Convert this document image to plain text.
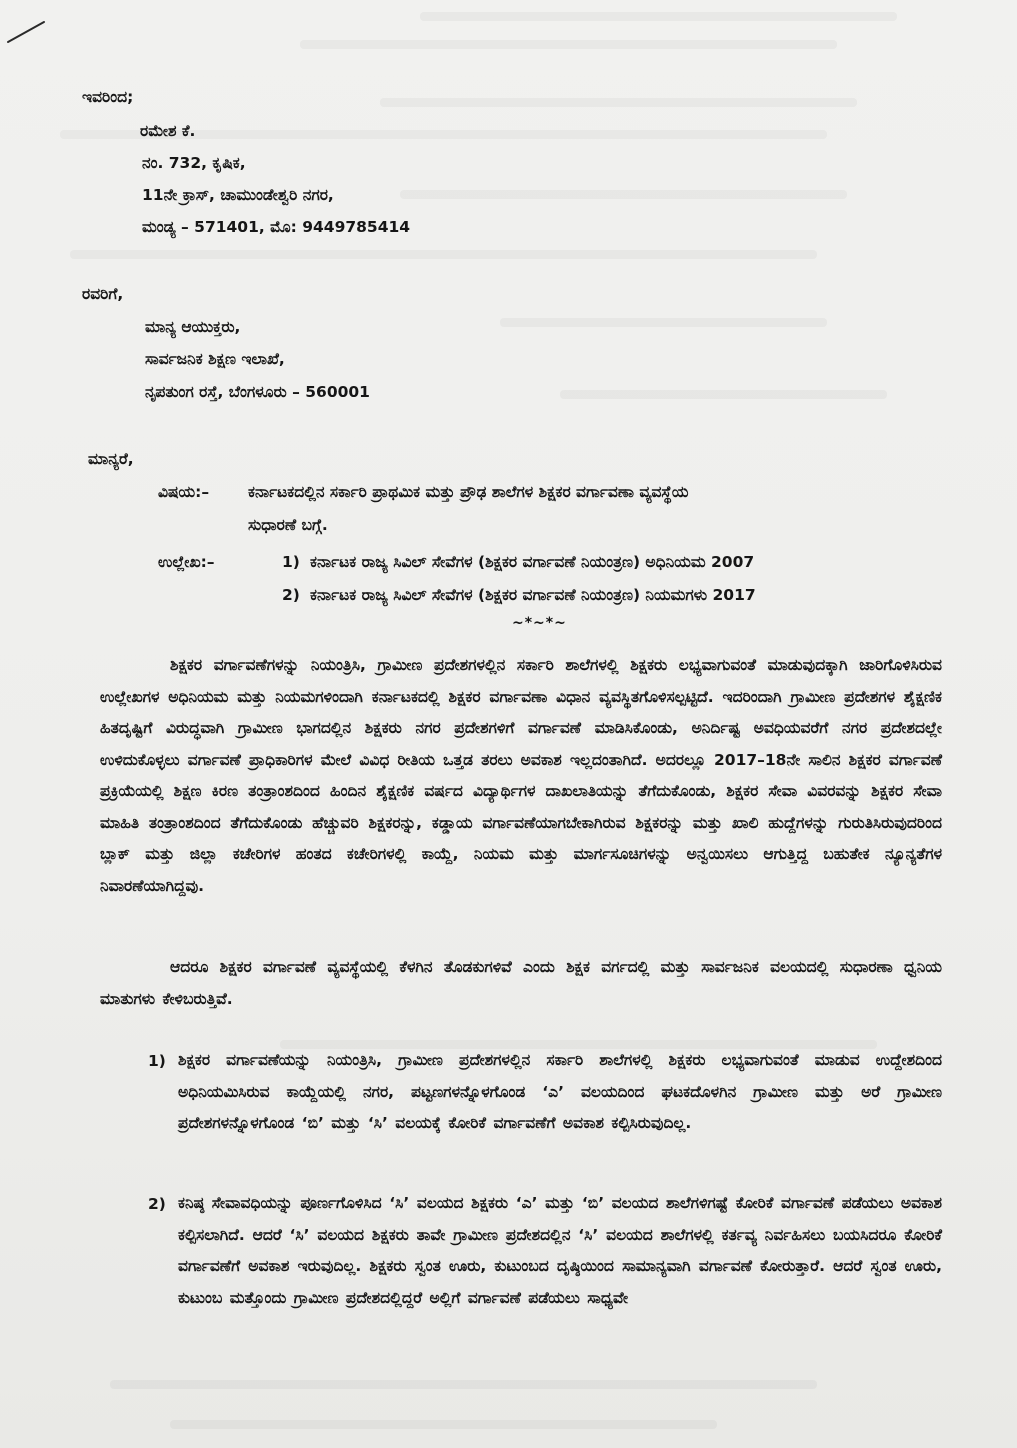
ಇವರಿಂದ;
ರಮೇಶ ಕೆ.
ನಂ. 732, ಕೃಷಿಕ,
11ನೇ ಕ್ರಾಸ್, ಚಾಮುಂಡೇಶ್ವರಿ ನಗರ,
ಮಂಡ್ಯ – 571401, ಮೊ: 9449785414
ರವರಿಗೆ,
ಮಾನ್ಯ ಆಯುಕ್ತರು,
ಸಾರ್ವಜನಿಕ ಶಿಕ್ಷಣ ಇಲಾಖೆ,
ನೃಪತುಂಗ ರಸ್ತೆ, ಬೆಂಗಳೂರು – 560001
ಮಾನ್ಯರೆ,
ವಿಷಯ:–	ಕರ್ನಾಟಕದಲ್ಲಿನ ಸರ್ಕಾರಿ ಪ್ರಾಥಮಿಕ ಮತ್ತು ಪ್ರೌಢ ಶಾಲೆಗಳ ಶಿಕ್ಷಕರ ವರ್ಗಾವಣಾ ವ್ಯವಸ್ಥೆಯ
ಸುಧಾರಣೆ ಬಗ್ಗೆ.
ಉಲ್ಲೇಖ:–	1) ಕರ್ನಾಟಕ ರಾಜ್ಯ ಸಿವಿಲ್ ಸೇವೆಗಳ (ಶಿಕ್ಷಕರ ವರ್ಗಾವಣೆ ನಿಯಂತ್ರಣ) ಅಧಿನಿಯಮ 2007
2) ಕರ್ನಾಟಕ ರಾಜ್ಯ ಸಿವಿಲ್ ಸೇವೆಗಳ (ಶಿಕ್ಷಕರ ವರ್ಗಾವಣೆ ನಿಯಂತ್ರಣ) ನಿಯಮಗಳು 2017
~*~*~
ಶಿಕ್ಷಕರ ವರ್ಗಾವಣೆಗಳನ್ನು ನಿಯಂತ್ರಿಸಿ, ಗ್ರಾಮೀಣ ಪ್ರದೇಶಗಳಲ್ಲಿನ ಸರ್ಕಾರಿ ಶಾಲೆಗಳಲ್ಲಿ ಶಿಕ್ಷಕರು ಲಭ್ಯವಾಗುವಂತೆ ಮಾಡುವುದಕ್ಕಾಗಿ ಜಾರಿಗೊಳಿಸಿರುವ ಉಲ್ಲೇಖಗಳ ಅಧಿನಿಯಮ ಮತ್ತು ನಿಯಮಗಳಿಂದಾಗಿ ಕರ್ನಾಟಕದಲ್ಲಿ ಶಿಕ್ಷಕರ ವರ್ಗಾವಣಾ ವಿಧಾನ ವ್ಯವಸ್ಥಿತಗೊಳಿಸಲ್ಪಟ್ಟಿದೆ. ಇದರಿಂದಾಗಿ ಗ್ರಾಮೀಣ ಪ್ರದೇಶಗಳ ಶೈಕ್ಷಣಿಕ ಹಿತದೃಷ್ಟಿಗೆ ವಿರುದ್ಧವಾಗಿ ಗ್ರಾಮೀಣ ಭಾಗದಲ್ಲಿನ ಶಿಕ್ಷಕರು ನಗರ ಪ್ರದೇಶಗಳಿಗೆ ವರ್ಗಾವಣೆ ಮಾಡಿಸಿಕೊಂಡು, ಅನಿರ್ದಿಷ್ಟ ಅವಧಿಯವರೆಗೆ ನಗರ ಪ್ರದೇಶದಲ್ಲೇ ಉಳಿದುಕೊಳ್ಳಲು ವರ್ಗಾವಣೆ ಪ್ರಾಧಿಕಾರಿಗಳ ಮೇಲೆ ವಿವಿಧ ರೀತಿಯ ಒತ್ತಡ ತರಲು ಅವಕಾಶ ಇಲ್ಲದಂತಾಗಿದೆ. ಅದರಲ್ಲೂ 2017–18ನೇ ಸಾಲಿನ ಶಿಕ್ಷಕರ ವರ್ಗಾವಣೆ ಪ್ರಕ್ರಿಯೆಯಲ್ಲಿ ಶಿಕ್ಷಣ ಕಿರಣ ತಂತ್ರಾಂಶದಿಂದ ಹಿಂದಿನ ಶೈಕ್ಷಣಿಕ ವರ್ಷದ ವಿದ್ಯಾರ್ಥಿಗಳ ದಾಖಲಾತಿಯನ್ನು ತೆಗೆದುಕೊಂಡು, ಶಿಕ್ಷಕರ ಸೇವಾ ವಿವರವನ್ನು ಶಿಕ್ಷಕರ ಸೇವಾ ಮಾಹಿತಿ ತಂತ್ರಾಂಶದಿಂದ ತೆಗೆದುಕೊಂಡು ಹೆಚ್ಚುವರಿ ಶಿಕ್ಷಕರನ್ನು, ಕಡ್ಡಾಯ ವರ್ಗಾವಣೆಯಾಗಬೇಕಾಗಿರುವ ಶಿಕ್ಷಕರನ್ನು ಮತ್ತು ಖಾಲಿ ಹುದ್ದೆಗಳನ್ನು ಗುರುತಿಸಿರುವುದರಿಂದ ಬ್ಲಾಕ್ ಮತ್ತು ಜಿಲ್ಲಾ ಕಚೇರಿಗಳ ಹಂತದ ಕಚೇರಿಗಳಲ್ಲಿ ಕಾಯ್ದೆ, ನಿಯಮ ಮತ್ತು ಮಾರ್ಗಸೂಚಿಗಳನ್ನು ಅನ್ವಯಿಸಲು ಆಗುತ್ತಿದ್ದ ಬಹುತೇಕ ನ್ಯೂನ್ಯತೆಗಳ ನಿವಾರಣೆಯಾಗಿದ್ದವು.
ಆದರೂ ಶಿಕ್ಷಕರ ವರ್ಗಾವಣೆ ವ್ಯವಸ್ಥೆಯಲ್ಲಿ ಕೆಳಗಿನ ತೊಡಕುಗಳಿವೆ ಎಂದು ಶಿಕ್ಷಕ ವರ್ಗದಲ್ಲಿ ಮತ್ತು ಸಾರ್ವಜನಿಕ ವಲಯದಲ್ಲಿ ಸುಧಾರಣಾ ಧ್ವನಿಯ ಮಾತುಗಳು ಕೇಳಿಬರುತ್ತಿವೆ.
1) ಶಿಕ್ಷಕರ ವರ್ಗಾವಣೆಯನ್ನು ನಿಯಂತ್ರಿಸಿ, ಗ್ರಾಮೀಣ ಪ್ರದೇಶಗಳಲ್ಲಿನ ಸರ್ಕಾರಿ ಶಾಲೆಗಳಲ್ಲಿ ಶಿಕ್ಷಕರು ಲಭ್ಯವಾಗುವಂತೆ ಮಾಡುವ ಉದ್ದೇಶದಿಂದ ಅಧಿನಿಯಮಿಸಿರುವ ಕಾಯ್ದೆಯಲ್ಲಿ ನಗರ, ಪಟ್ಟಣಗಳನ್ನೊಳಗೊಂಡ ‘ಎ’ ವಲಯದಿಂದ ಘಟಕದೊಳಗಿನ ಗ್ರಾಮೀಣ ಮತ್ತು ಅರೆ ಗ್ರಾಮೀಣ ಪ್ರದೇಶಗಳನ್ನೊಳಗೊಂಡ ‘ಬಿ’ ಮತ್ತು ‘ಸಿ’ ವಲಯಕ್ಕೆ ಕೋರಿಕೆ ವರ್ಗಾವಣೆಗೆ ಅವಕಾಶ ಕಲ್ಪಿಸಿರುವುದಿಲ್ಲ.
2) ಕನಿಷ್ಠ ಸೇವಾವಧಿಯನ್ನು ಪೂರ್ಣಗೊಳಿಸಿದ ‘ಸಿ’ ವಲಯದ ಶಿಕ್ಷಕರು ‘ಎ’ ಮತ್ತು ‘ಬಿ’ ವಲಯದ ಶಾಲೆಗಳಿಗಷ್ಟೆ ಕೋರಿಕೆ ವರ್ಗಾವಣೆ ಪಡೆಯಲು ಅವಕಾಶ ಕಲ್ಪಿಸಲಾಗಿದೆ. ಆದರೆ ‘ಸಿ’ ವಲಯದ ಶಿಕ್ಷಕರು ತಾವೇ ಗ್ರಾಮೀಣ ಪ್ರದೇಶದಲ್ಲಿನ ‘ಸಿ’ ವಲಯದ ಶಾಲೆಗಳಲ್ಲಿ ಕರ್ತವ್ಯ ನಿರ್ವಹಿಸಲು ಬಯಸಿದರೂ ಕೋರಿಕೆ ವರ್ಗಾವಣೆಗೆ ಅವಕಾಶ ಇರುವುದಿಲ್ಲ. ಶಿಕ್ಷಕರು ಸ್ವಂತ ಊರು, ಕುಟುಂಬದ ದೃಷ್ಠಿಯಿಂದ ಸಾಮಾನ್ಯವಾಗಿ ವರ್ಗಾವಣೆ ಕೋರುತ್ತಾರೆ. ಆದರೆ ಸ್ವಂತ ಊರು, ಕುಟುಂಬ ಮತ್ತೊಂದು ಗ್ರಾಮೀಣ ಪ್ರದೇಶದಲ್ಲಿದ್ದರೆ ಅಲ್ಲಿಗೆ ವರ್ಗಾವಣೆ ಪಡೆಯಲು ಸಾಧ್ಯವೇ
